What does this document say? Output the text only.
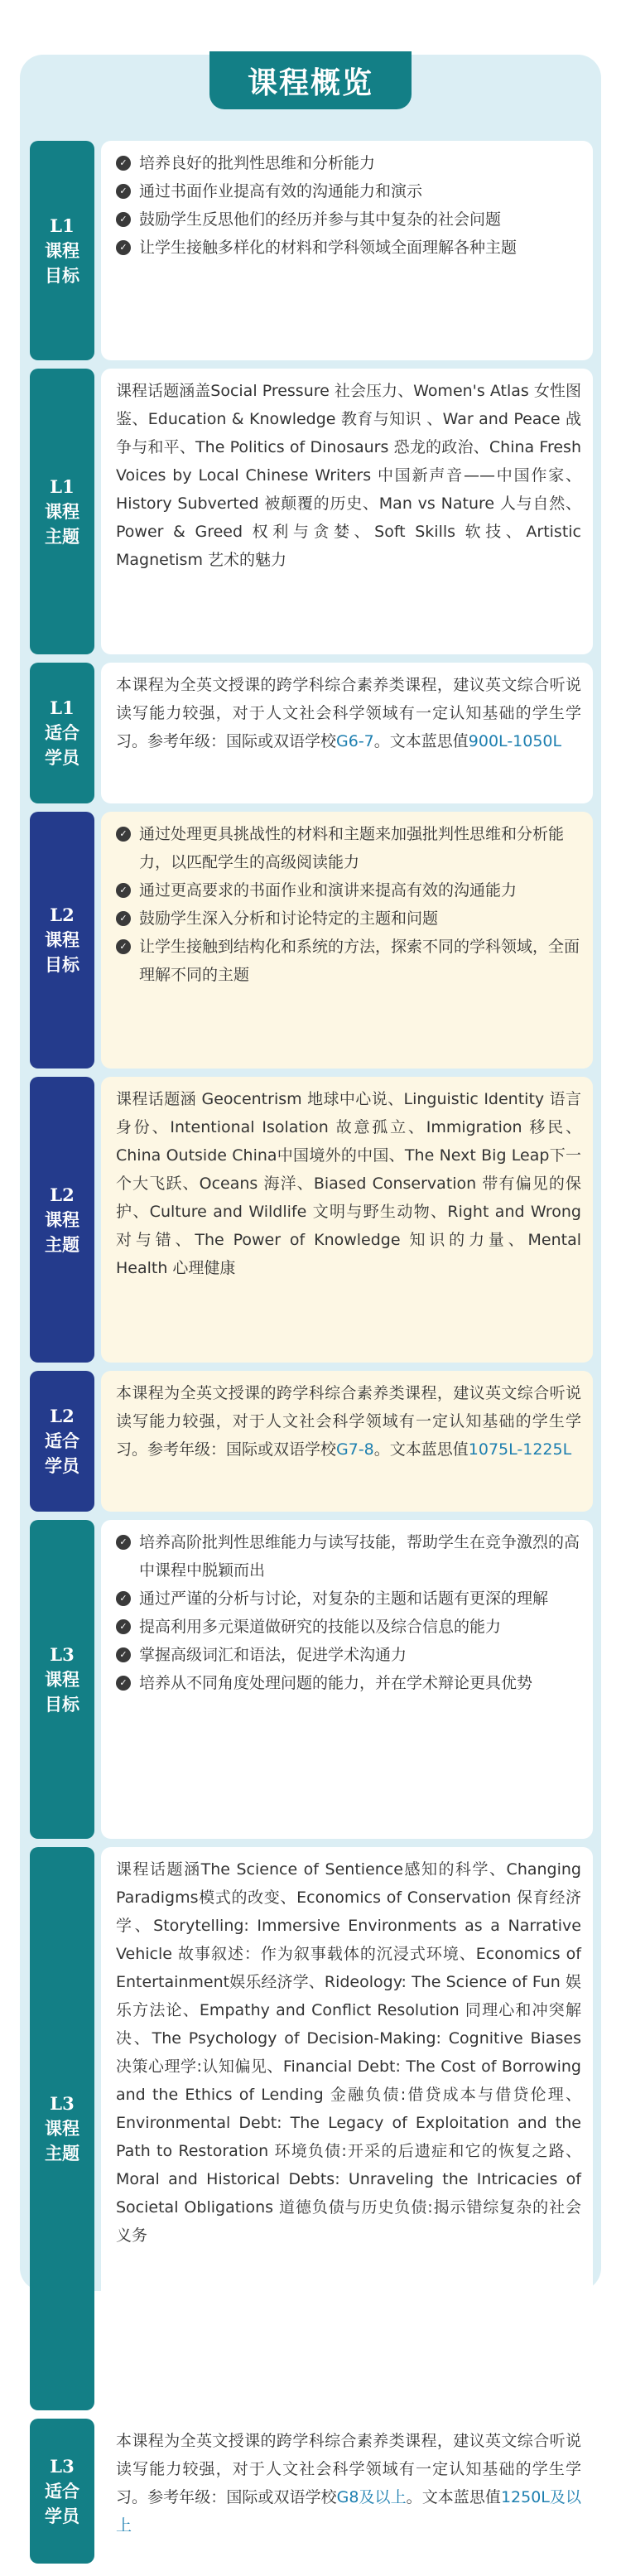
课程概览
L1
课程
目标
✓ 培养良好的批判性思维和分析能力
✓ 通过书面作业提高有效的沟通能力和演示
✓ 鼓励学生反思他们的经历并参与其中复杂的社会问题
✓ 让学生接触多样化的材料和学科领域全面理解各种主题
L1
课程
主题

课程话题涵盖Social Pressure 社会压力、Women's Atlas 女性图鉴、Education & Knowledge 教育与知识 、War and Peace 战争与和平、The Politics of Dinosaurs 恐龙的政治、China Fresh Voices by Local Chinese Writers 中国新声音——中国作家、History Subverted 被颠覆的历史、Man vs Nature 人与自然、Power & Greed 权利与贪婪、Soft Skills 软技、Artistic Magnetism 艺术的魅力

L1
适合
学员

本课程为全英文授课的跨学科综合素养类课程，建议英文综合听说读写能力较强，对于人文社会科学领域有一定认知基础的学生学习。参考年级：国际或双语学校G6-7。文本蓝思值900L-1050L

L2
课程
目标
✓ 通过处理更具挑战性的材料和主题来加强批判性思维和分析能力，以匹配学生的高级阅读能力
✓ 通过更高要求的书面作业和演讲来提高有效的沟通能力
✓ 鼓励学生深入分析和讨论特定的主题和问题
✓ 让学生接触到结构化和系统的方法，探索不同的学科领域，全面理解不同的主题
L2
课程
主题

课程话题涵 Geocentrism 地球中心说、Linguistic Identity 语言身份、Intentional Isolation 故意孤立、Immigration 移民、China Outside China中国境外的中国、The Next Big Leap下一个大飞跃、Oceans 海洋、Biased Conservation 带有偏见的保护、Culture and Wildlife 文明与野生动物、Right and Wrong 对与错、The Power of Knowledge 知识的力量、Mental Health 心理健康

L2
适合
学员

本课程为全英文授课的跨学科综合素养类课程，建议英文综合听说读写能力较强，对于人文社会科学领域有一定认知基础的学生学习。参考年级：国际或双语学校G7-8。文本蓝思值1075L-1225L

L3
课程
目标
✓ 培养高阶批判性思维能力与读写技能，帮助学生在竞争激烈的高中课程中脱颖而出
✓ 通过严谨的分析与讨论，对复杂的主题和话题有更深的理解
✓ 提高利用多元渠道做研究的技能以及综合信息的能力
✓ 掌握高级词汇和语法，促进学术沟通力
✓ 培养从不同角度处理问题的能力，并在学术辩论更具优势
L3
课程
主题

课程话题涵The Science of Sentience感知的科学、Changing Paradigms模式的改变、Economics of Conservation 保育经济学、Storytelling: Immersive Environments as a Narrative Vehicle 故事叙述：作为叙事载体的沉浸式环境、Economics of Entertainment娱乐经济学、Rideology: The Science of Fun 娱乐方法论、Empathy and Conflict Resolution 同理心和冲突解决、The Psychology of Decision-Making: Cognitive Biases 决策心理学:认知偏见、Financial Debt: The Cost of Borrowing and the Ethics of Lending 金融负债:借贷成本与借贷伦理、Environmental Debt: The Legacy of Exploitation and the Path to Restoration 环境负债:开采的后遗症和它的恢复之路、Moral and Historical Debts: Unraveling the Intricacies of Societal Obligations 道德负债与历史负债:揭示错综复杂的社会义务

L3
适合
学员

本课程为全英文授课的跨学科综合素养类课程，建议英文综合听说读写能力较强，对于人文社会科学领域有一定认知基础的学生学习。参考年级：国际或双语学校G8及以上。文本蓝思值1250L及以上
